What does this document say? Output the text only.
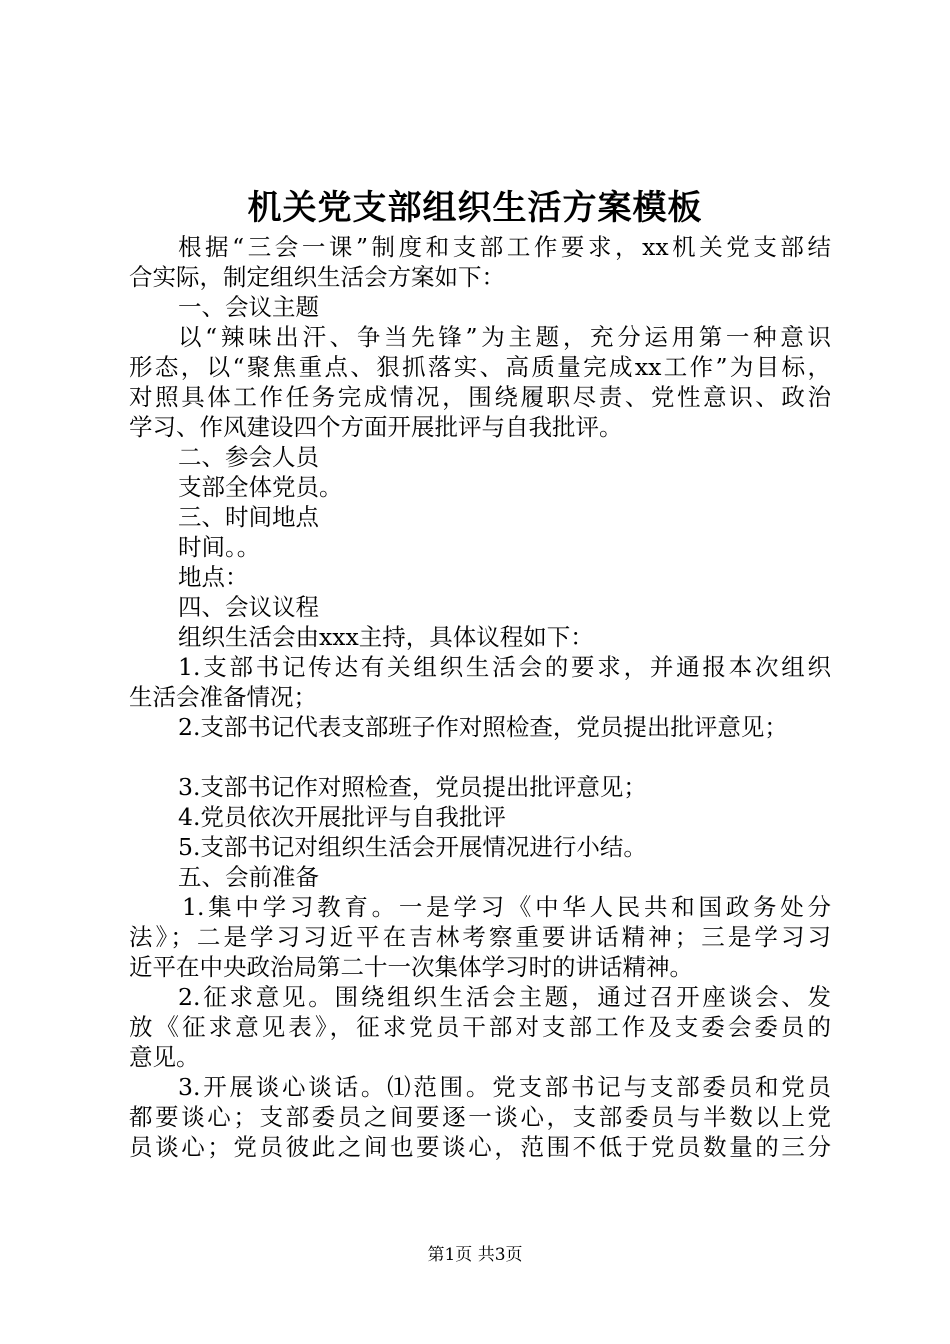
机关党支部组织生活方案模板
根据“三会一课”制度和支部工作要求，xx机关党支部结
合实际，制定组织生活会方案如下：
一、会议主题
以“辣味出汗、争当先锋”为主题，充分运用第一种意识
形态，以“聚焦重点、狠抓落实、高质量完成xx工作”为目标，
对照具体工作任务完成情况，围绕履职尽责、党性意识、政治
学习、作风建设四个方面开展批评与自我批评。
二、参会人员
支部全体党员。
三、时间地点
时间。。
地点：
四、会议议程
组织生活会由xxx主持，具体议程如下：
1.支部书记传达有关组织生活会的要求，并通报本次组织
生活会准备情况；
2.支部书记代表支部班子作对照检查，党员提出批评意见；
3.支部书记作对照检查，党员提出批评意见；
4.党员依次开展批评与自我批评
5.支部书记对组织生活会开展情况进行小结。
五、会前准备
1.集中学习教育。一是学习《中华人民共和国政务处分
法》；二是学习习近平在吉林考察重要讲话精神；三是学习习
近平在中央政治局第二十一次集体学习时的讲话精神。
2.征求意见。围绕组织生活会主题，通过召开座谈会、发
放《征求意见表》，征求党员干部对支部工作及支委会委员的
意见。
3.开展谈心谈话。⑴范围。党支部书记与支部委员和党员
都要谈心；支部委员之间要逐一谈心，支部委员与半数以上党
员谈心；党员彼此之间也要谈心，范围不低于党员数量的三分
第1页 共3页
